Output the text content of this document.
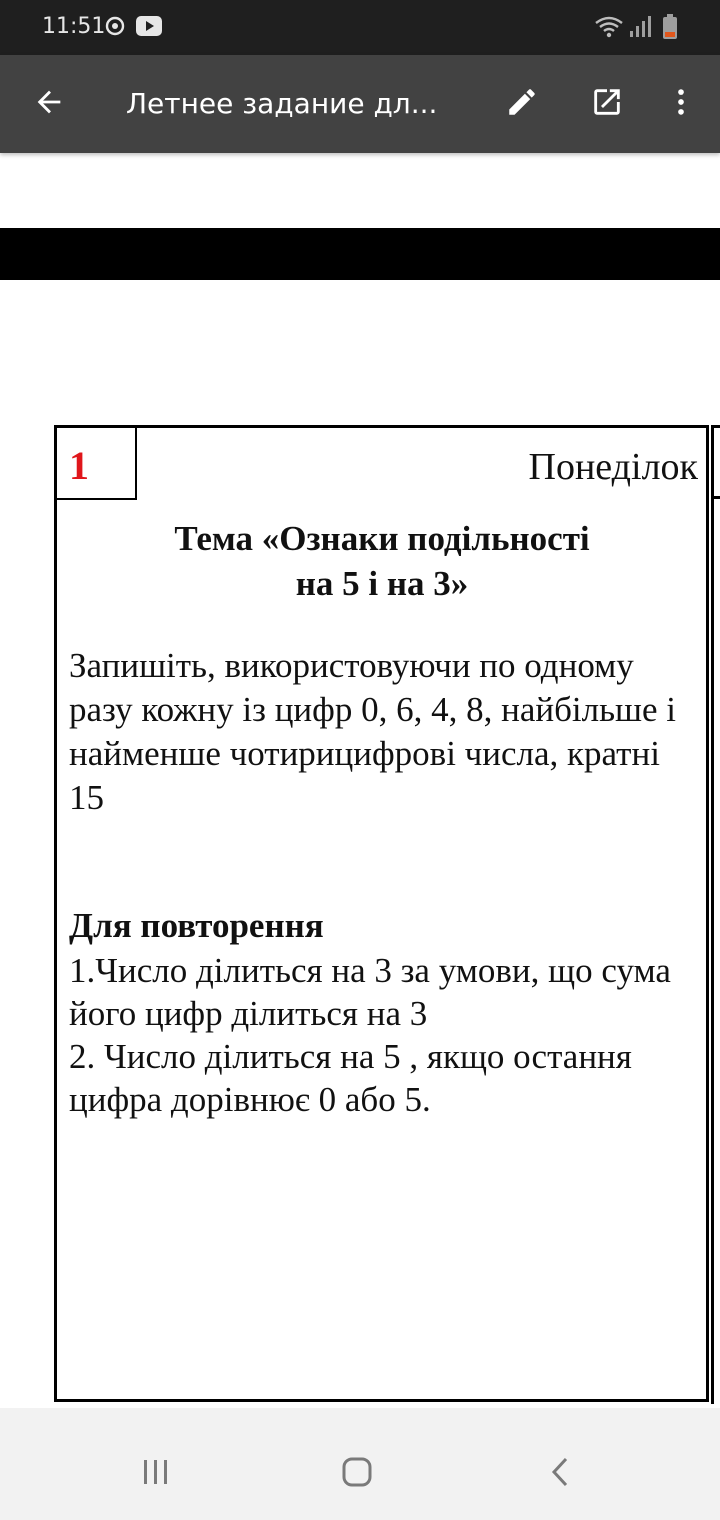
11:51
Летнее задание дл...
1	Понеділок
Тема «Ознаки подільності
на 5 і на 3»
Запишіть, використовуючи по одному разу кожну із цифр 0, 6, 4, 8, найбільше і найменше чотирицифрові числа, кратні 15
Для повторення
1.Число ділиться на 3 за умови, що сума його цифр ділиться на 3
2. Число ділиться на 5 , якщо остання цифра дорівнює 0 або 5.
